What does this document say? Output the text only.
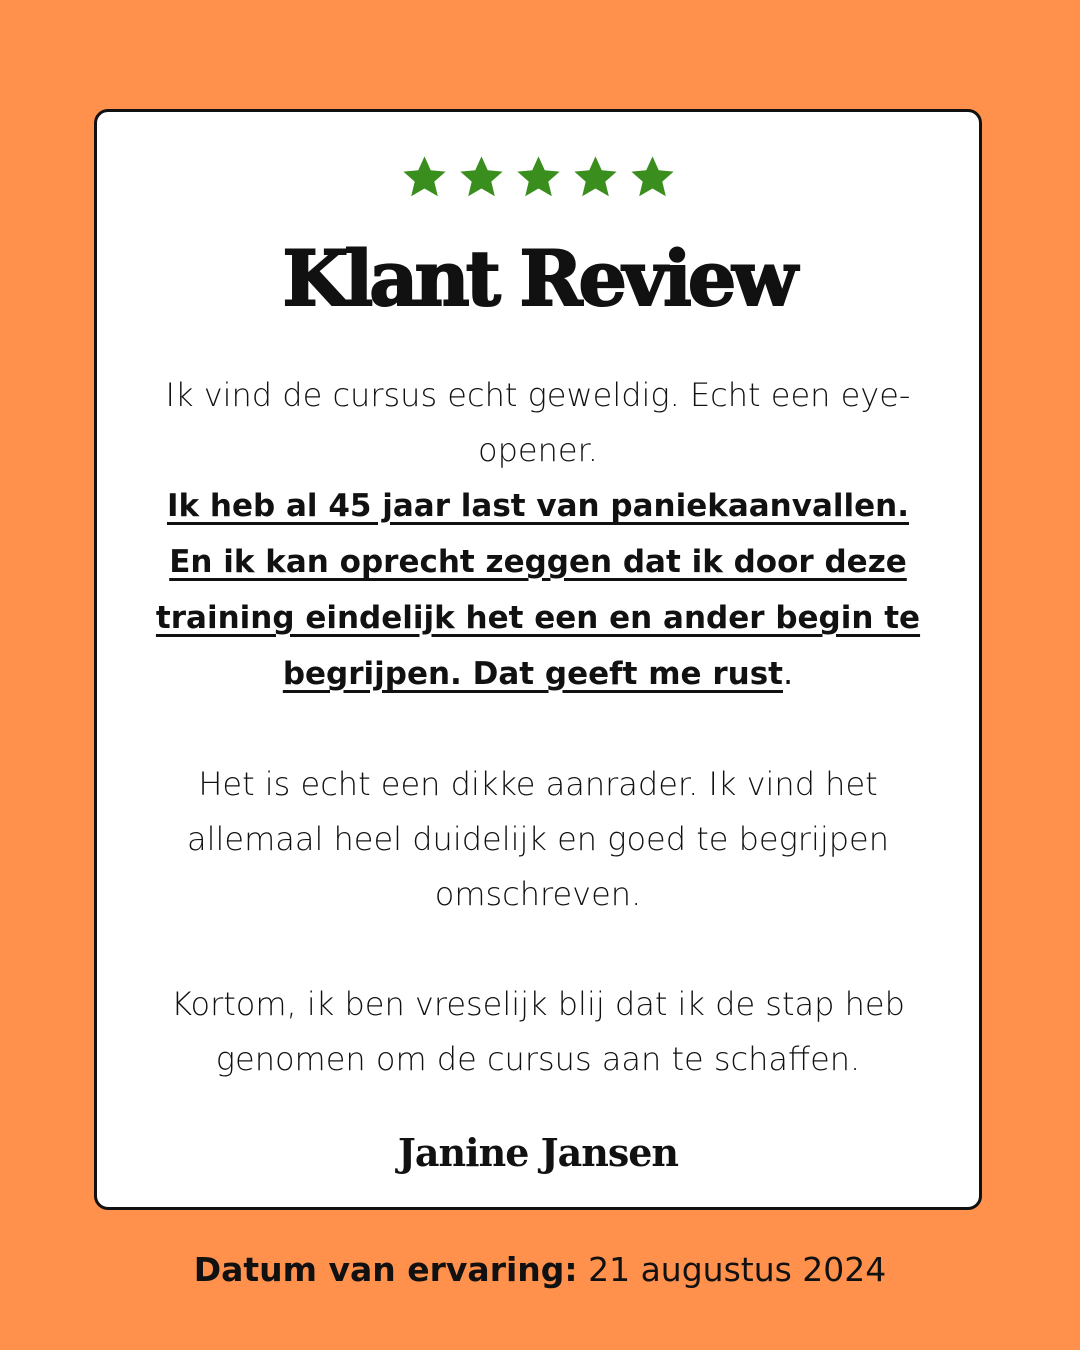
Klant Review

Ik vind de cursus echt geweldig. Echt een eye-opener.

Ik heb al 45 jaar last van paniekaanvallen. En ik kan oprecht zeggen dat ik door deze training eindelijk het een en ander begin te begrijpen. Dat geeft me rust.

Het is echt een dikke aanrader. Ik vind het allemaal heel duidelijk en goed te begrijpen omschreven.

Kortom, ik ben vreselijk blij dat ik de stap heb genomen om de cursus aan te schaffen.

Janine Jansen
Datum van ervaring: 21 augustus 2024
